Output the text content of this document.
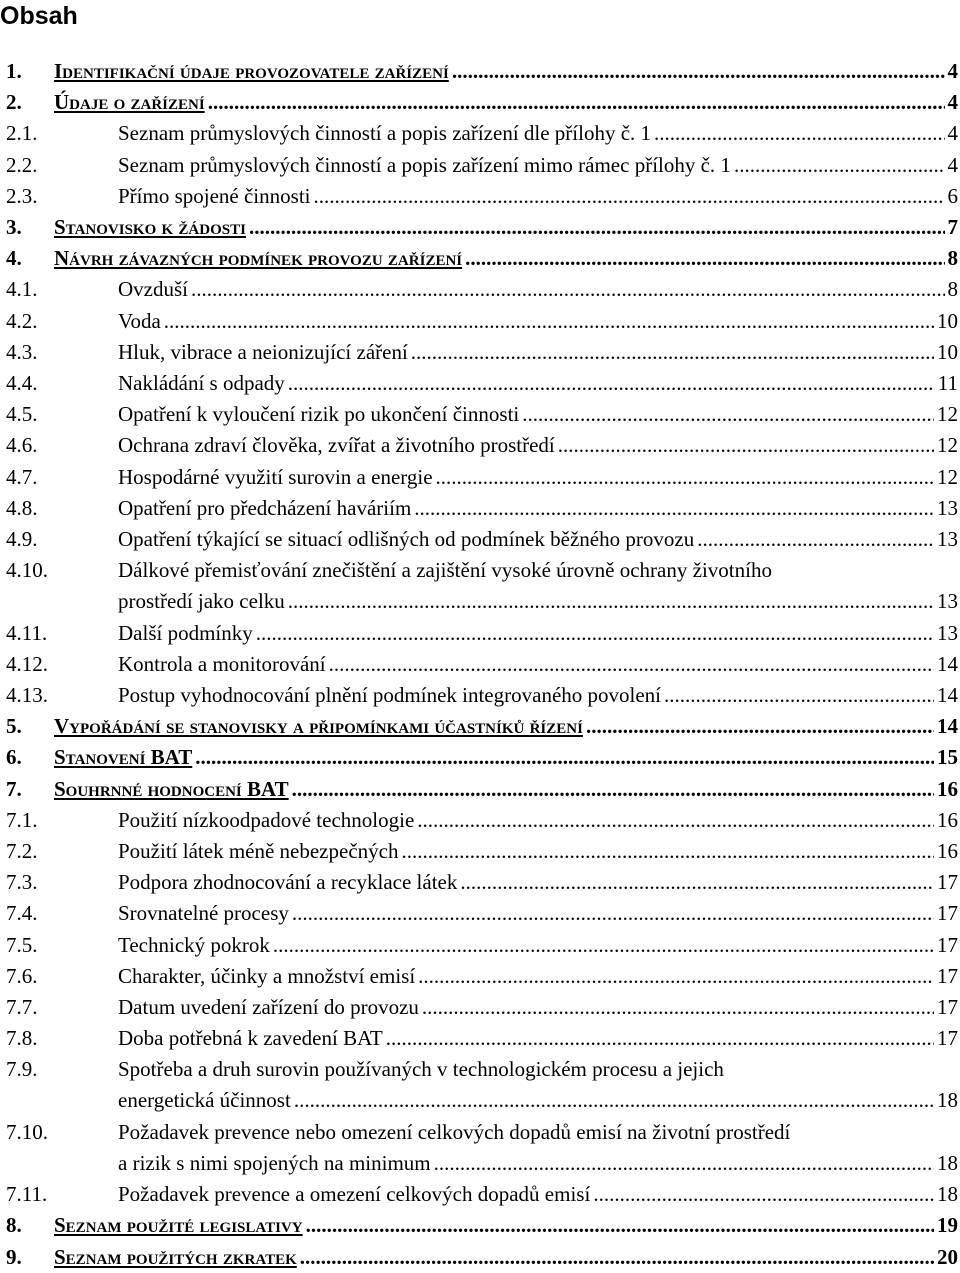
Obsah
1. Identifikační údaje provozovatele zařízení .....	4
2. Údaje o zařízení .....	4
2.1.	Seznam průmyslových činností a popis zařízení dle přílohy č. 1 .....	4
2.2.	Seznam průmyslových činností a popis zařízení mimo rámec přílohy č. 1 .....	4
2.3.	Přímo spojené činnosti .....	6
3. Stanovisko k žádosti .....	7
4. Návrh závazných podmínek provozu zařízení .....	8
4.1.	Ovzduší .....	8
4.2.	Voda .....	10
4.3.	Hluk, vibrace a neionizující záření .....	10
4.4.	Nakládání s odpady .....	11
4.5.	Opatření k vyloučení rizik po ukončení činnosti .....	12
4.6.	Ochrana zdraví člověka, zvířat a životního prostředí .....	12
4.7.	Hospodárné využití surovin a energie .....	12
4.8.	Opatření pro předcházení haváriím .....	13
4.9.	Opatření týkající se situací odlišných od podmínek běžného provozu .....	13
4.10.	Dálkové přemisťování znečištění a zajištění vysoké úrovně ochrany životního
prostředí jako celku .....	13
4.11.	Další podmínky .....	13
4.12.	Kontrola a monitorování .....	14
4.13.	Postup vyhodnocování plnění podmínek integrovaného povolení .....	14
5. Vypořádání se stanovisky a připomínkami účastníků řízení .....	14
6. Stanovení BAT .....	15
7. Souhrnné hodnocení BAT .....	16
7.1.	Použití nízkoodpadové technologie .....	16
7.2.	Použití látek méně nebezpečných .....	16
7.3.	Podpora zhodnocování a recyklace látek .....	17
7.4.	Srovnatelné procesy .....	17
7.5.	Technický pokrok .....	17
7.6.	Charakter, účinky a množství emisí .....	17
7.7.	Datum uvedení zařízení do provozu .....	17
7.8.	Doba potřebná k zavedení BAT .....	17
7.9.	Spotřeba a druh surovin používaných v technologickém procesu a jejich
energetická účinnost .....	18
7.10.	Požadavek prevence nebo omezení celkových dopadů emisí na životní prostředí
a rizik s nimi spojených na minimum .....	18
7.11.	Požadavek prevence a omezení celkových dopadů emisí .....	18
8. Seznam použité legislativy .....	19
9. Seznam použitých zkratek .....	20
